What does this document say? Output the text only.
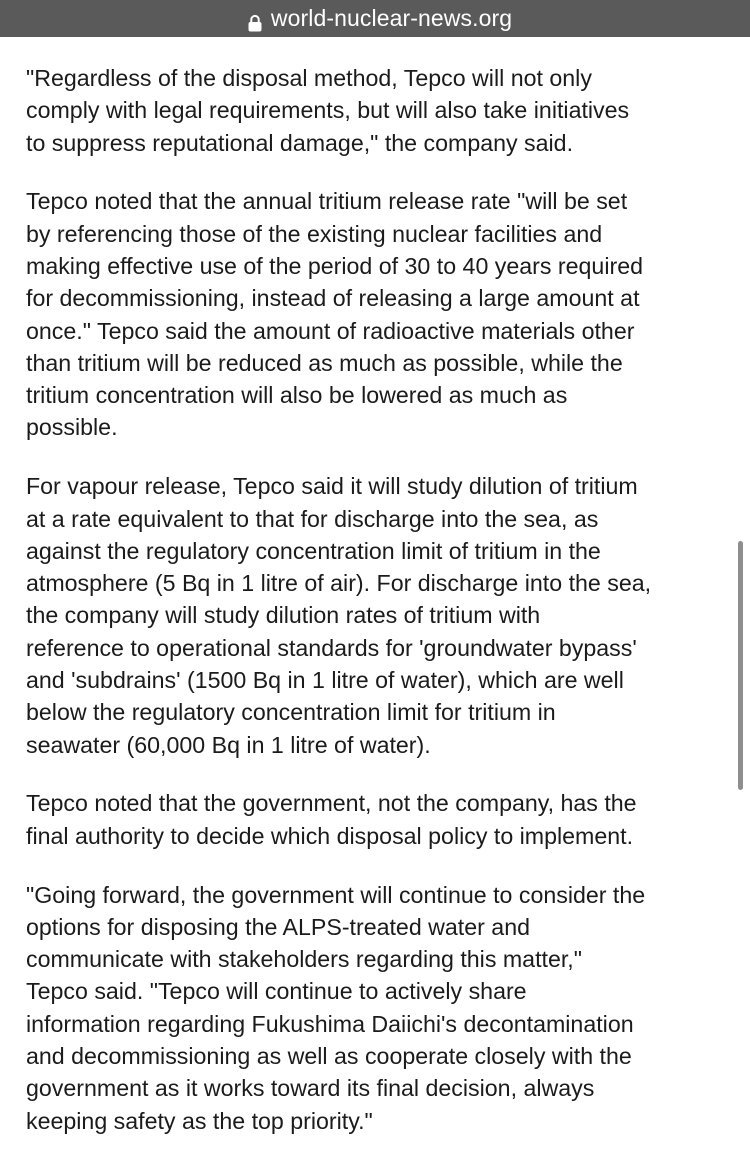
world-nuclear-news.org

"Regardless of the disposal method, Tepco will not only
comply with legal requirements, but will also take initiatives
to suppress reputational damage," the company said.

Tepco noted that the annual tritium release rate "will be set
by referencing those of the existing nuclear facilities and
making effective use of the period of 30 to 40 years required
for decommissioning, instead of releasing a large amount at
once." Tepco said the amount of radioactive materials other
than tritium will be reduced as much as possible, while the
tritium concentration will also be lowered as much as
possible.

For vapour release, Tepco said it will study dilution of tritium
at a rate equivalent to that for discharge into the sea, as
against the regulatory concentration limit of tritium in the
atmosphere (5 Bq in 1 litre of air). For discharge into the sea,
the company will study dilution rates of tritium with
reference to operational standards for 'groundwater bypass'
and 'subdrains' (1500 Bq in 1 litre of water), which are well
below the regulatory concentration limit for tritium in
seawater (60,000 Bq in 1 litre of water).

Tepco noted that the government, not the company, has the
final authority to decide which disposal policy to implement.

"Going forward, the government will continue to consider the
options for disposing the ALPS-treated water and
communicate with stakeholders regarding this matter,"
Tepco said. "Tepco will continue to actively share
information regarding Fukushima Daiichi's decontamination
and decommissioning as well as cooperate closely with the
government as it works toward its final decision, always
keeping safety as the top priority."
